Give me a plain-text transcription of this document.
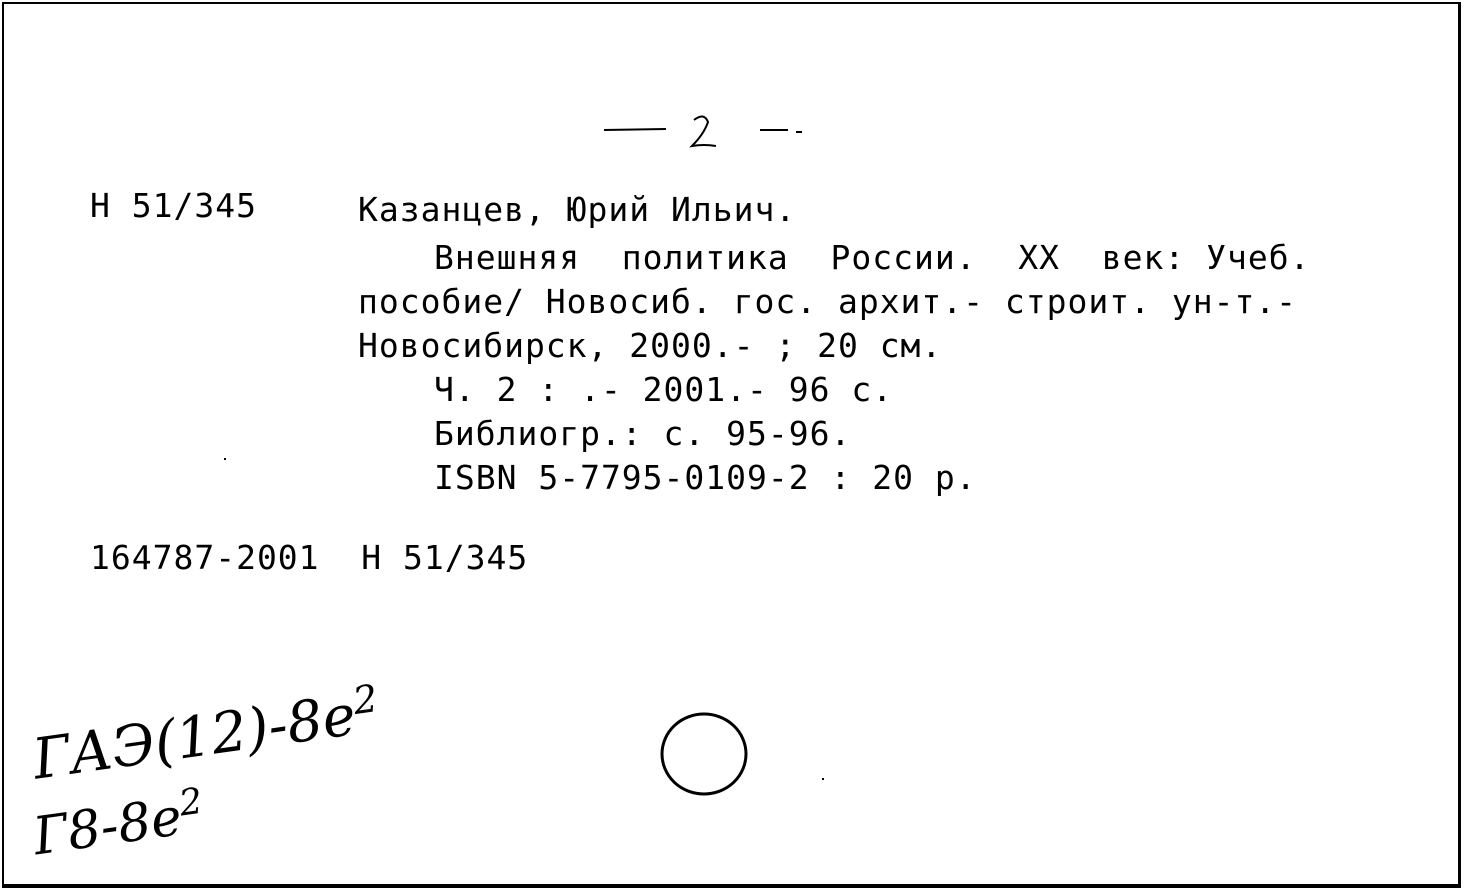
Н 51/345	Казанцев, Юрий Ильич.
Внешняя  политика  России.  XX  век: Учеб.
пособие/ Новосиб. гос. архит.- строит. ун-т.-
Новосибирск, 2000.- ; 20 см.
Ч. 2 : .- 2001.- 96 с.
Библиогр.: с. 95-96.
ISBN 5-7795-0109-2 : 20 р.
164787-2001  Н 51/345
$ГАЭ(12)-8e^2$
$Г8-8e^2$
